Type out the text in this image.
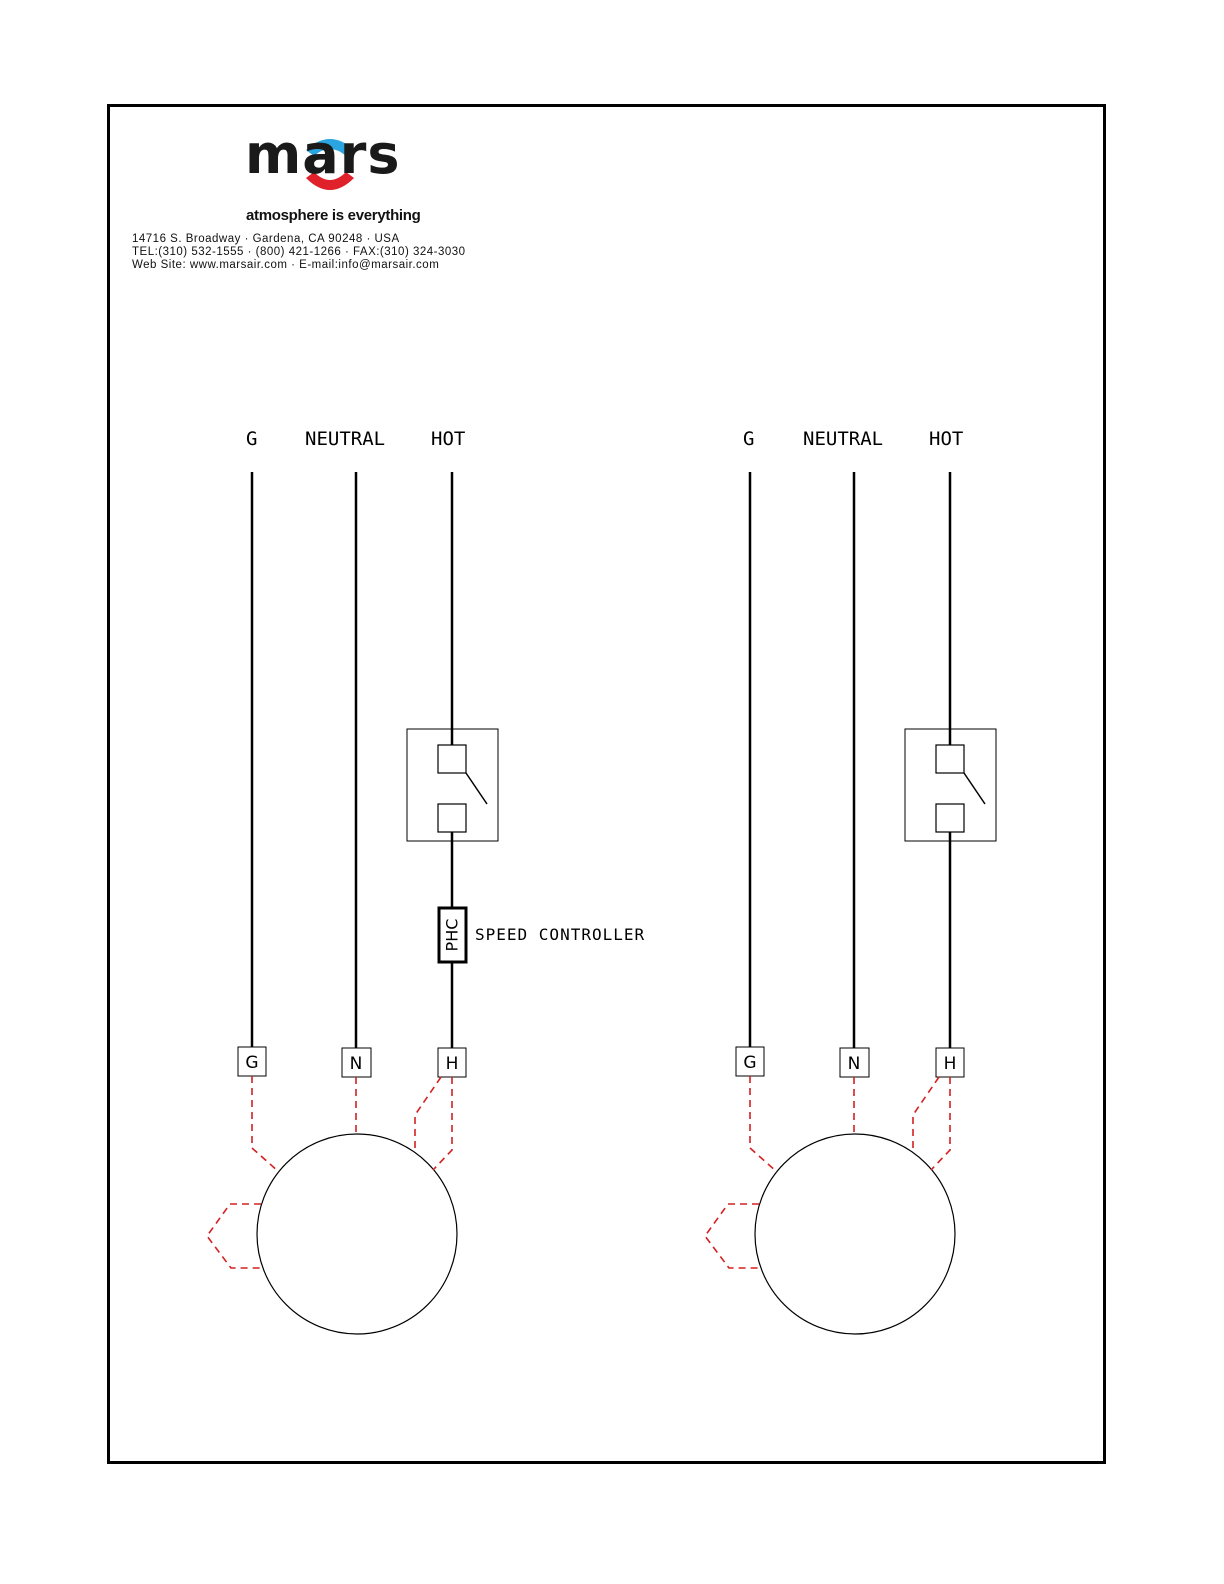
mars
atmosphere is everything
14716 S. Broadway · Gardena, CA 90248 · USA
TEL:(310) 532-1555 · (800) 421-1266 · FAX:(310) 324-3030
Web Site: www.marsair.com · E-mail:info@marsair.com
PHC SPEED CONTROLLER
G	NEUTRAL HOT	G	NEUTRAL HOT
G	N	H	G	N	H
